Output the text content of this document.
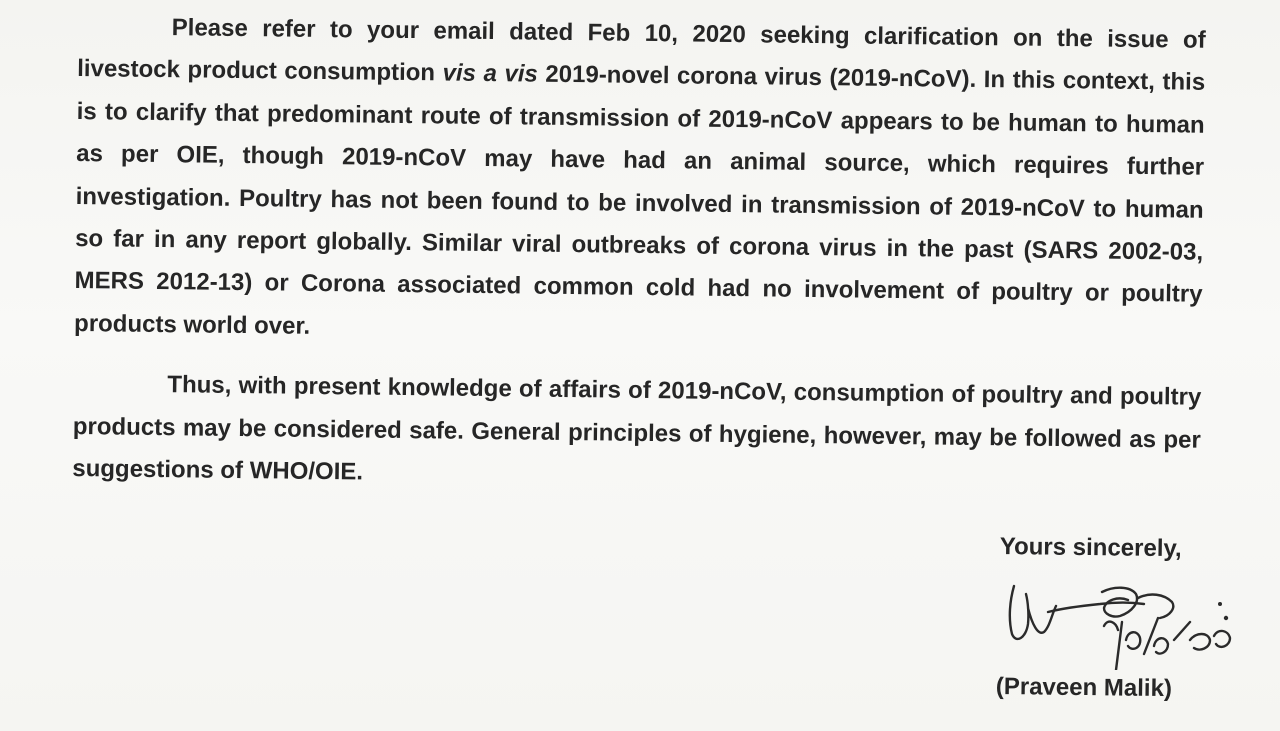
Please refer to your email dated Feb 10, 2020 seeking clarification on the issue of livestock product consumption vis a vis 2019-novel corona virus (2019-nCoV). In this context, this is to clarify that predominant route of transmission of 2019-nCoV appears to be human to human as per OIE, though 2019-nCoV may have had an animal source, which requires further investigation. Poultry has not been found to be involved in transmission of 2019-nCoV to human so far in any report globally. Similar viral outbreaks of corona virus in the past (SARS 2002-03, MERS 2012-13) or Corona associated common cold had no involvement of poultry or poultry products world over.

Thus, with present knowledge of affairs of 2019-nCoV, consumption of poultry and poultry products may be considered safe. General principles of hygiene, however, may be followed as per suggestions of WHO/OIE.

Yours sincerely,
(Praveen Malik)
